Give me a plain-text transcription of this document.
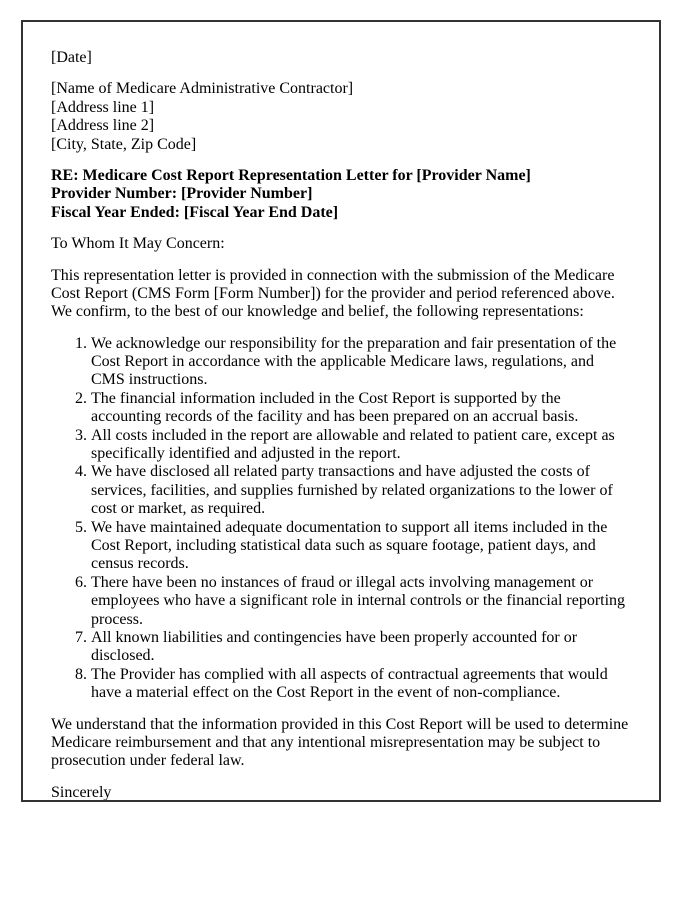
[Date]

[Name of Medicare Administrative Contractor]
[Address line 1]
[Address line 2]
[City, State, Zip Code]

RE: Medicare Cost Report Representation Letter for [Provider Name]
Provider Number: [Provider Number]
Fiscal Year Ended: [Fiscal Year End Date]

To Whom It May Concern:

This representation letter is provided in connection with the submission of the Medicare Cost Report (CMS Form [Form Number]) for the provider and period referenced above. We confirm, to the best of our knowledge and belief, the following representations:

1. We acknowledge our responsibility for the preparation and fair presentation of the Cost Report in accordance with the applicable Medicare laws, regulations, and CMS instructions.
2. The financial information included in the Cost Report is supported by the accounting records of the facility and has been prepared on an accrual basis.
3. All costs included in the report are allowable and related to patient care, except as specifically identified and adjusted in the report.
4. We have disclosed all related party transactions and have adjusted the costs of services, facilities, and supplies furnished by related organizations to the lower of cost or market, as required.
5. We have maintained adequate documentation to support all items included in the Cost Report, including statistical data such as square footage, patient days, and census records.
6. There have been no instances of fraud or illegal acts involving management or employees who have a significant role in internal controls or the financial reporting process.
7. All known liabilities and contingencies have been properly accounted for or disclosed.
8. The Provider has complied with all aspects of contractual agreements that would have a material effect on the Cost Report in the event of non-compliance.

We understand that the information provided in this Cost Report will be used to determine Medicare reimbursement and that any intentional misrepresentation may be subject to prosecution under federal law.

Sincerely
